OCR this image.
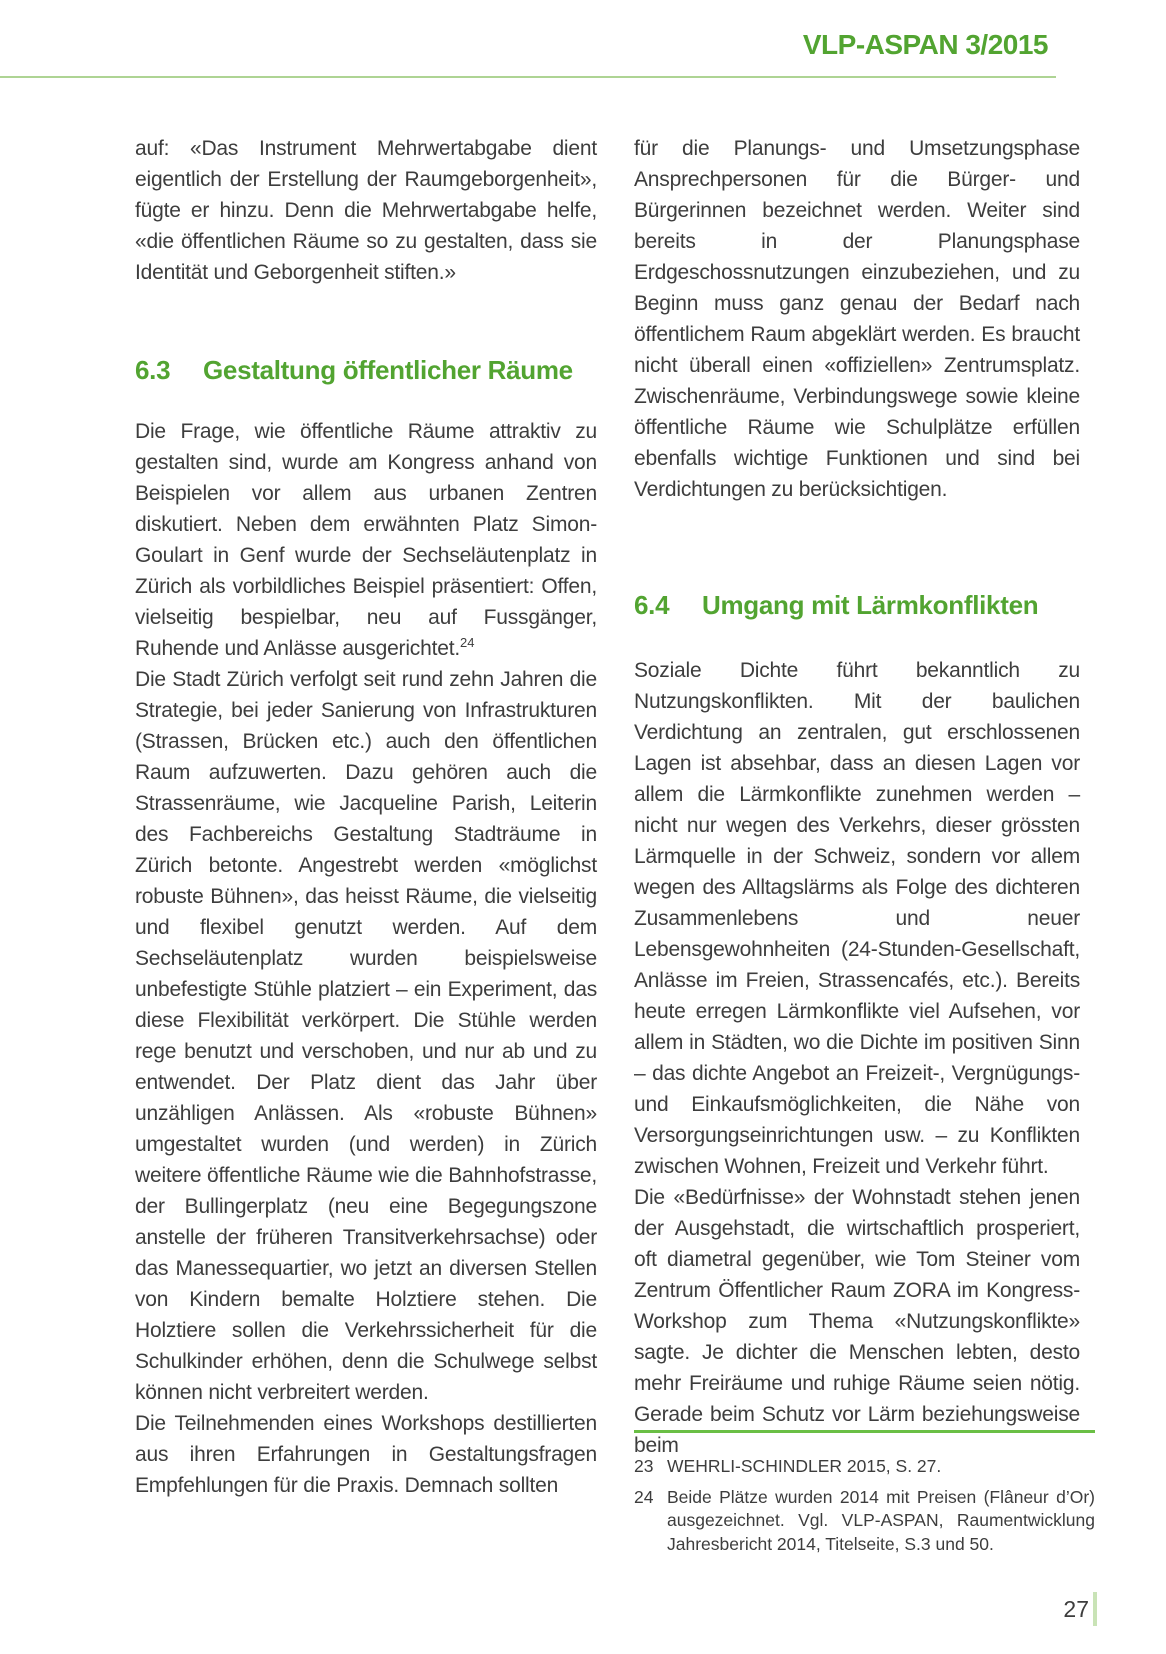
VLP-ASPAN 3/2015

auf: «Das Instrument Mehrwertabgabe dient eigentlich der Erstellung der Raumgeborgenheit», fügte er hinzu. Denn die Mehrwertabgabe helfe, «die öffentlichen Räume so zu gestalten, dass sie Identität und Geborgenheit stiften.»

6.3	Gestaltung öffentlicher Räume

Die Frage, wie öffentliche Räume attraktiv zu gestalten sind, wurde am Kongress anhand von Beispielen vor allem aus urbanen Zentren diskutiert. Neben dem erwähnten Platz Simon-Goulart in Genf wurde der Sechseläutenplatz in Zürich als vorbildliches Beispiel präsentiert: Offen, vielseitig bespielbar, neu auf Fussgänger, Ruhende und Anlässe ausgerichtet.$^{24}$

Die Stadt Zürich verfolgt seit rund zehn Jahren die Strategie, bei jeder Sanierung von Infrastrukturen (Strassen, Brücken etc.) auch den öffentlichen Raum aufzuwerten. Dazu gehören auch die Strassenräume, wie Jacqueline Parish, Leiterin des Fachbereichs Gestaltung Stadträume in Zürich betonte. Angestrebt werden «möglichst robuste Bühnen», das heisst Räume, die vielseitig und flexibel genutzt werden. Auf dem Sechseläutenplatz wurden beispielsweise unbefestigte Stühle platziert – ein Experiment, das diese Flexibilität verkörpert. Die Stühle werden rege benutzt und verschoben, und nur ab und zu entwendet. Der Platz dient das Jahr über unzähligen Anlässen. Als «robuste Bühnen» umgestaltet wurden (und werden) in Zürich weitere öffentliche Räume wie die Bahnhofstrasse, der Bullingerplatz (neu eine Begegungszone anstelle der früheren Transitverkehrsachse) oder das Manessequartier, wo jetzt an diversen Stellen von Kindern bemalte Holztiere stehen. Die Holztiere sollen die Verkehrssicherheit für die Schulkinder erhöhen, denn die Schulwege selbst können nicht verbreitert werden.

Die Teilnehmenden eines Workshops destillierten aus ihren Erfahrungen in Gestaltungsfragen Empfehlungen für die Praxis. Demnach sollten

für die Planungs- und Umsetzungsphase Ansprechpersonen für die Bürger- und Bürgerinnen bezeichnet werden. Weiter sind bereits in der Planungsphase Erdgeschossnutzungen einzubeziehen, und zu Beginn muss ganz genau der Bedarf nach öffentlichem Raum abgeklärt werden. Es braucht nicht überall einen «offiziellen» Zentrumsplatz. Zwischenräume, Verbindungswege sowie kleine öffentliche Räume wie Schulplätze erfüllen ebenfalls wichtige Funktionen und sind bei Verdichtungen zu berücksichtigen.

6.4	Umgang mit Lärmkonflikten

Soziale Dichte führt bekanntlich zu Nutzungskonflikten. Mit der baulichen Verdichtung an zentralen, gut erschlossenen Lagen ist absehbar, dass an diesen Lagen vor allem die Lärmkonflikte zunehmen werden – nicht nur wegen des Verkehrs, dieser grössten Lärmquelle in der Schweiz, sondern vor allem wegen des Alltagslärms als Folge des dichteren Zusammenlebens und neuer Lebensgewohnheiten (24-Stunden-Gesellschaft, Anlässe im Freien, Strassencafés, etc.). Bereits heute erregen Lärmkonflikte viel Aufsehen, vor allem in Städten, wo die Dichte im positiven Sinn – das dichte Angebot an Freizeit-, Vergnügungs- und Einkaufsmöglichkeiten, die Nähe von Versorgungseinrichtungen usw. – zu Konflikten zwischen Wohnen, Freizeit und Verkehr führt.

Die «Bedürfnisse» der Wohnstadt stehen jenen der Ausgehstadt, die wirtschaftlich prosperiert, oft diametral gegenüber, wie Tom Steiner vom Zentrum Öffentlicher Raum ZORA im Kongress-Workshop zum Thema «Nutzungskonflikte» sagte. Je dichter die Menschen lebten, desto mehr Freiräume und ruhige Räume seien nötig. Gerade beim Schutz vor Lärm beziehungsweise beim

23 WEHRLI-SCHINDLER 2015, S. 27.
24 Beide Plätze wurden 2014 mit Preisen (Flâneur d’Or) ausgezeichnet. Vgl. VLP-ASPAN, Raumentwicklung Jahresbericht 2014, Titelseite, S.3 und 50.
27
